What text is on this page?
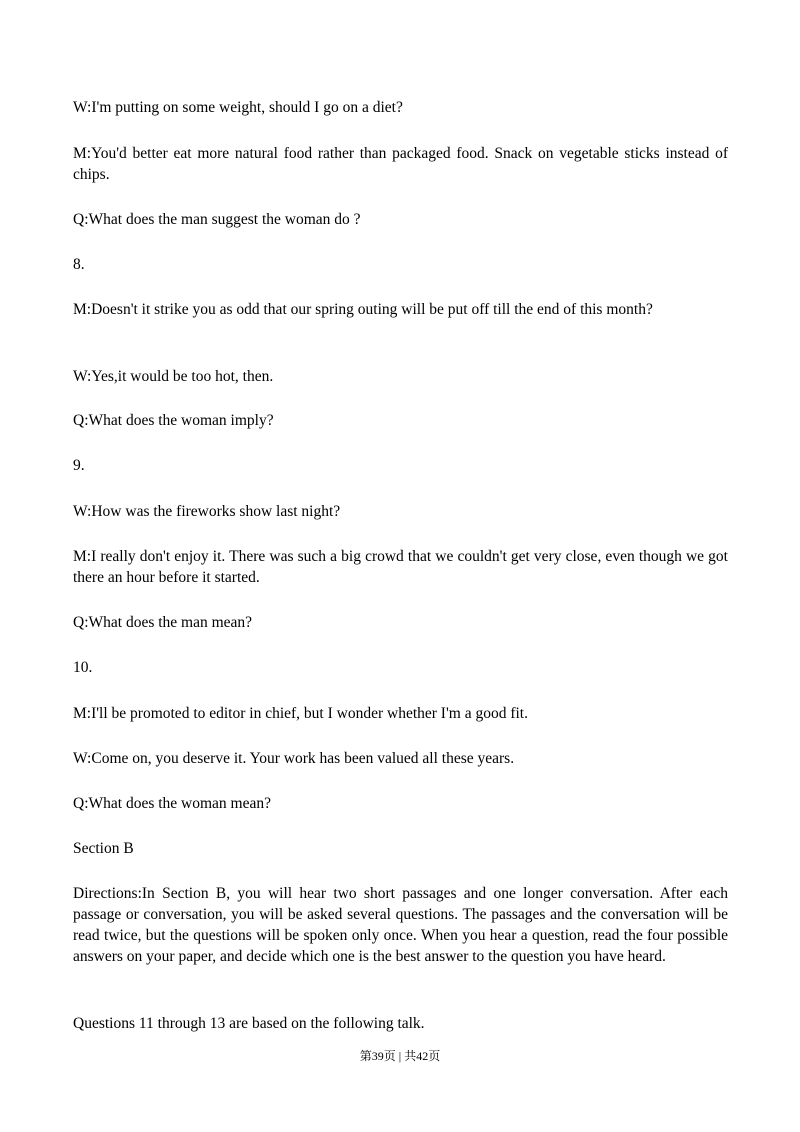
W:I'm putting on some weight, should I go on a diet?

M:You'd better eat more natural food rather than packaged food. Snack on vegetable sticks instead of chips.

Q:What does the man suggest the woman do ?

8.

M:Doesn't it strike you as odd that our spring outing will be put off till the end of this month?

W:Yes,it would be too hot, then.

Q:What does the woman imply?

9.

W:How was the fireworks show last night?

M:I really don't enjoy it. There was such a big crowd that we couldn't get very close, even though we got there an hour before it started.

Q:What does the man mean?

10.

M:I'll be promoted to editor in chief, but I wonder whether I'm a good fit.

W:Come on, you deserve it. Your work has been valued all these years.

Q:What does the woman mean?

Section B

Directions:In Section B, you will hear two short passages and one longer conversation. After each passage or conversation, you will be asked several questions. The passages and the conversation will be read twice, but the questions will be spoken only once. When you hear a question, read the four possible answers on your paper, and decide which one is the best answer to the question you have heard.

Questions 11 through 13 are based on the following talk.

第39页 | 共42页
